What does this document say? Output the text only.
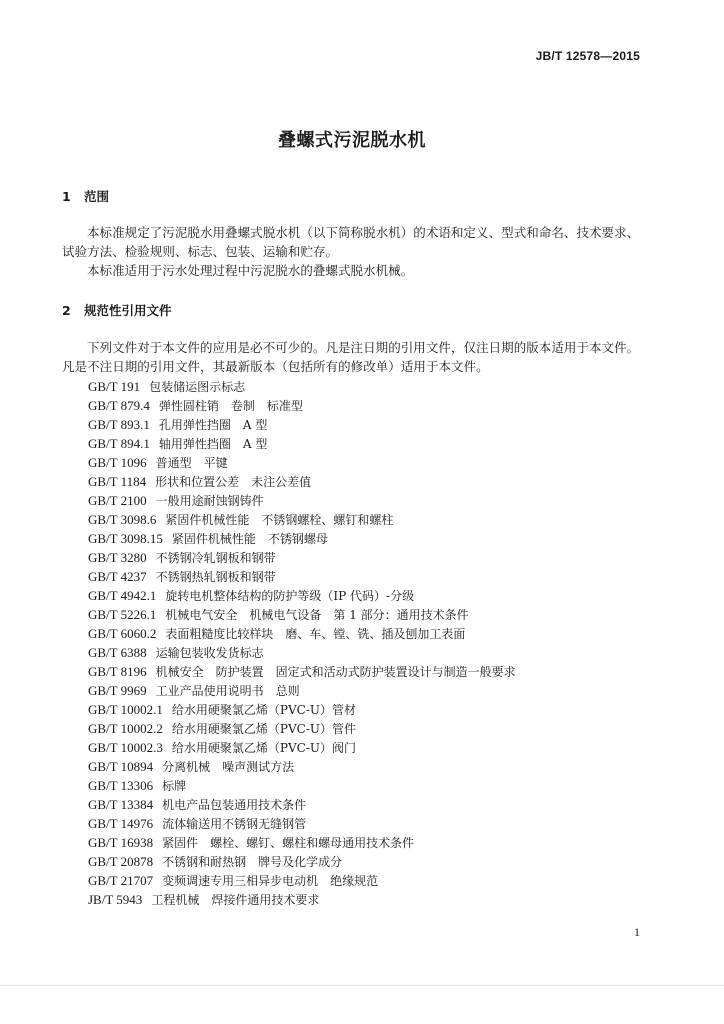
JB/T 12578—2015
叠螺式污泥脱水机
1 范围

本标准规定了污泥脱水用叠螺式脱水机（以下简称脱水机）的术语和定义、型式和命名、技术要求、试验方法、检验规则、标志、包装、运输和贮存。

本标准适用于污水处理过程中污泥脱水的叠螺式脱水机械。

2 规范性引用文件

下列文件对于本文件的应用是必不可少的。凡是注日期的引用文件，仅注日期的版本适用于本文件。凡是不注日期的引用文件，其最新版本（包括所有的修改单）适用于本文件。

GB/T 191 包装储运图示标志
GB/T 879.4 弹性圆柱销　卷制　标准型
GB/T 893.1 孔用弹性挡圈　A 型
GB/T 894.1 轴用弹性挡圈　A 型
GB/T 1096 普通型　平键
GB/T 1184 形状和位置公差　未注公差值
GB/T 2100 一般用途耐蚀钢铸件
GB/T 3098.6 紧固件机械性能　不锈钢螺栓、螺钉和螺柱
GB/T 3098.15 紧固件机械性能　不锈钢螺母
GB/T 3280 不锈钢冷轧钢板和钢带
GB/T 4237 不锈钢热轧钢板和钢带
GB/T 4942.1 旋转电机整体结构的防护等级（IP 代码）-分级
GB/T 5226.1 机械电气安全　机械电气设备　第 1 部分：通用技术条件
GB/T 6060.2 表面粗糙度比较样块　磨、车、镗、铣、插及刨加工表面
GB/T 6388 运输包装收发货标志
GB/T 8196 机械安全　防护装置　固定式和活动式防护装置设计与制造一般要求
GB/T 9969 工业产品使用说明书　总则
GB/T 10002.1 给水用硬聚氯乙烯（PVC-U）管材
GB/T 10002.2 给水用硬聚氯乙烯（PVC-U）管件
GB/T 10002.3 给水用硬聚氯乙烯（PVC-U）阀门
GB/T 10894 分离机械　噪声测试方法
GB/T 13306 标牌
GB/T 13384 机电产品包装通用技术条件
GB/T 14976 流体输送用不锈钢无缝钢管
GB/T 16938 紧固件　螺栓、螺钉、螺柱和螺母通用技术条件
GB/T 20878 不锈钢和耐热钢　牌号及化学成分
GB/T 21707 变频调速专用三相异步电动机　绝缘规范
JB/T 5943 工程机械　焊接件通用技术要求
1
